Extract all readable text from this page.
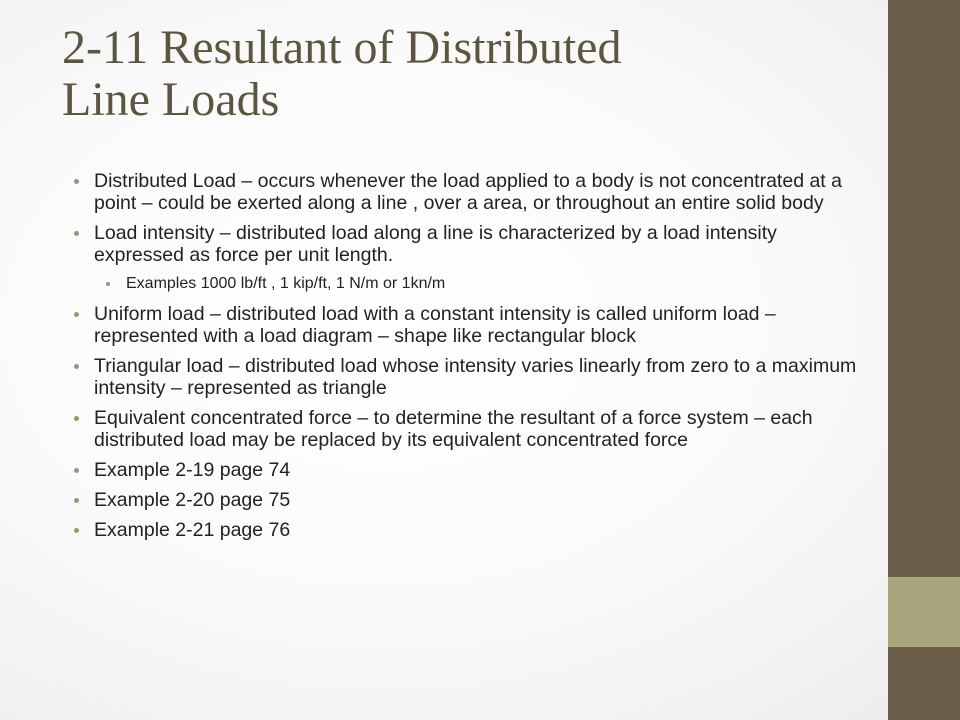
2-11 Resultant of Distributed
Line Loads
Distributed Load – occurs whenever the load applied to a body is not concentrated at a point – could be exerted along a line , over a area, or throughout an entire solid body
Load intensity – distributed load along a line is characterized by a load intensity expressed as force per unit length.
Examples 1000 lb/ft , 1 kip/ft, 1 N/m or 1kn/m
Uniform load – distributed load with a constant intensity is called uniform load – represented with a load diagram – shape like rectangular block
Triangular load – distributed load whose intensity varies linearly from zero to a maximum intensity – represented as triangle
Equivalent concentrated force – to determine the resultant of a force system – each distributed load may be replaced by its equivalent concentrated force
Example 2-19 page 74
Example 2-20 page 75
Example 2-21 page 76
